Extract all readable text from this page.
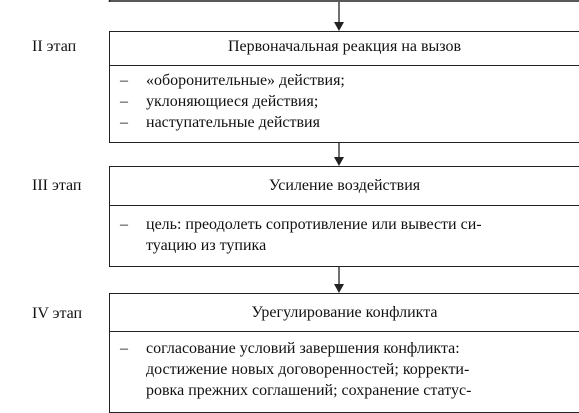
II этап	Первоначальная реакция на вызов
–	«оборонительные» действия;
–	уклоняющиеся действия;
–	наступательные действия
III этап	Усиление воздействия
–	цель: преодолеть сопротивление или вывести си-
туацию из тупика
IV этап	Урегулирование конфликта
–	согласование условий завершения конфликта:
достижение новых договоренностей; корректи-
ровка прежних соглашений; сохранение статус-
